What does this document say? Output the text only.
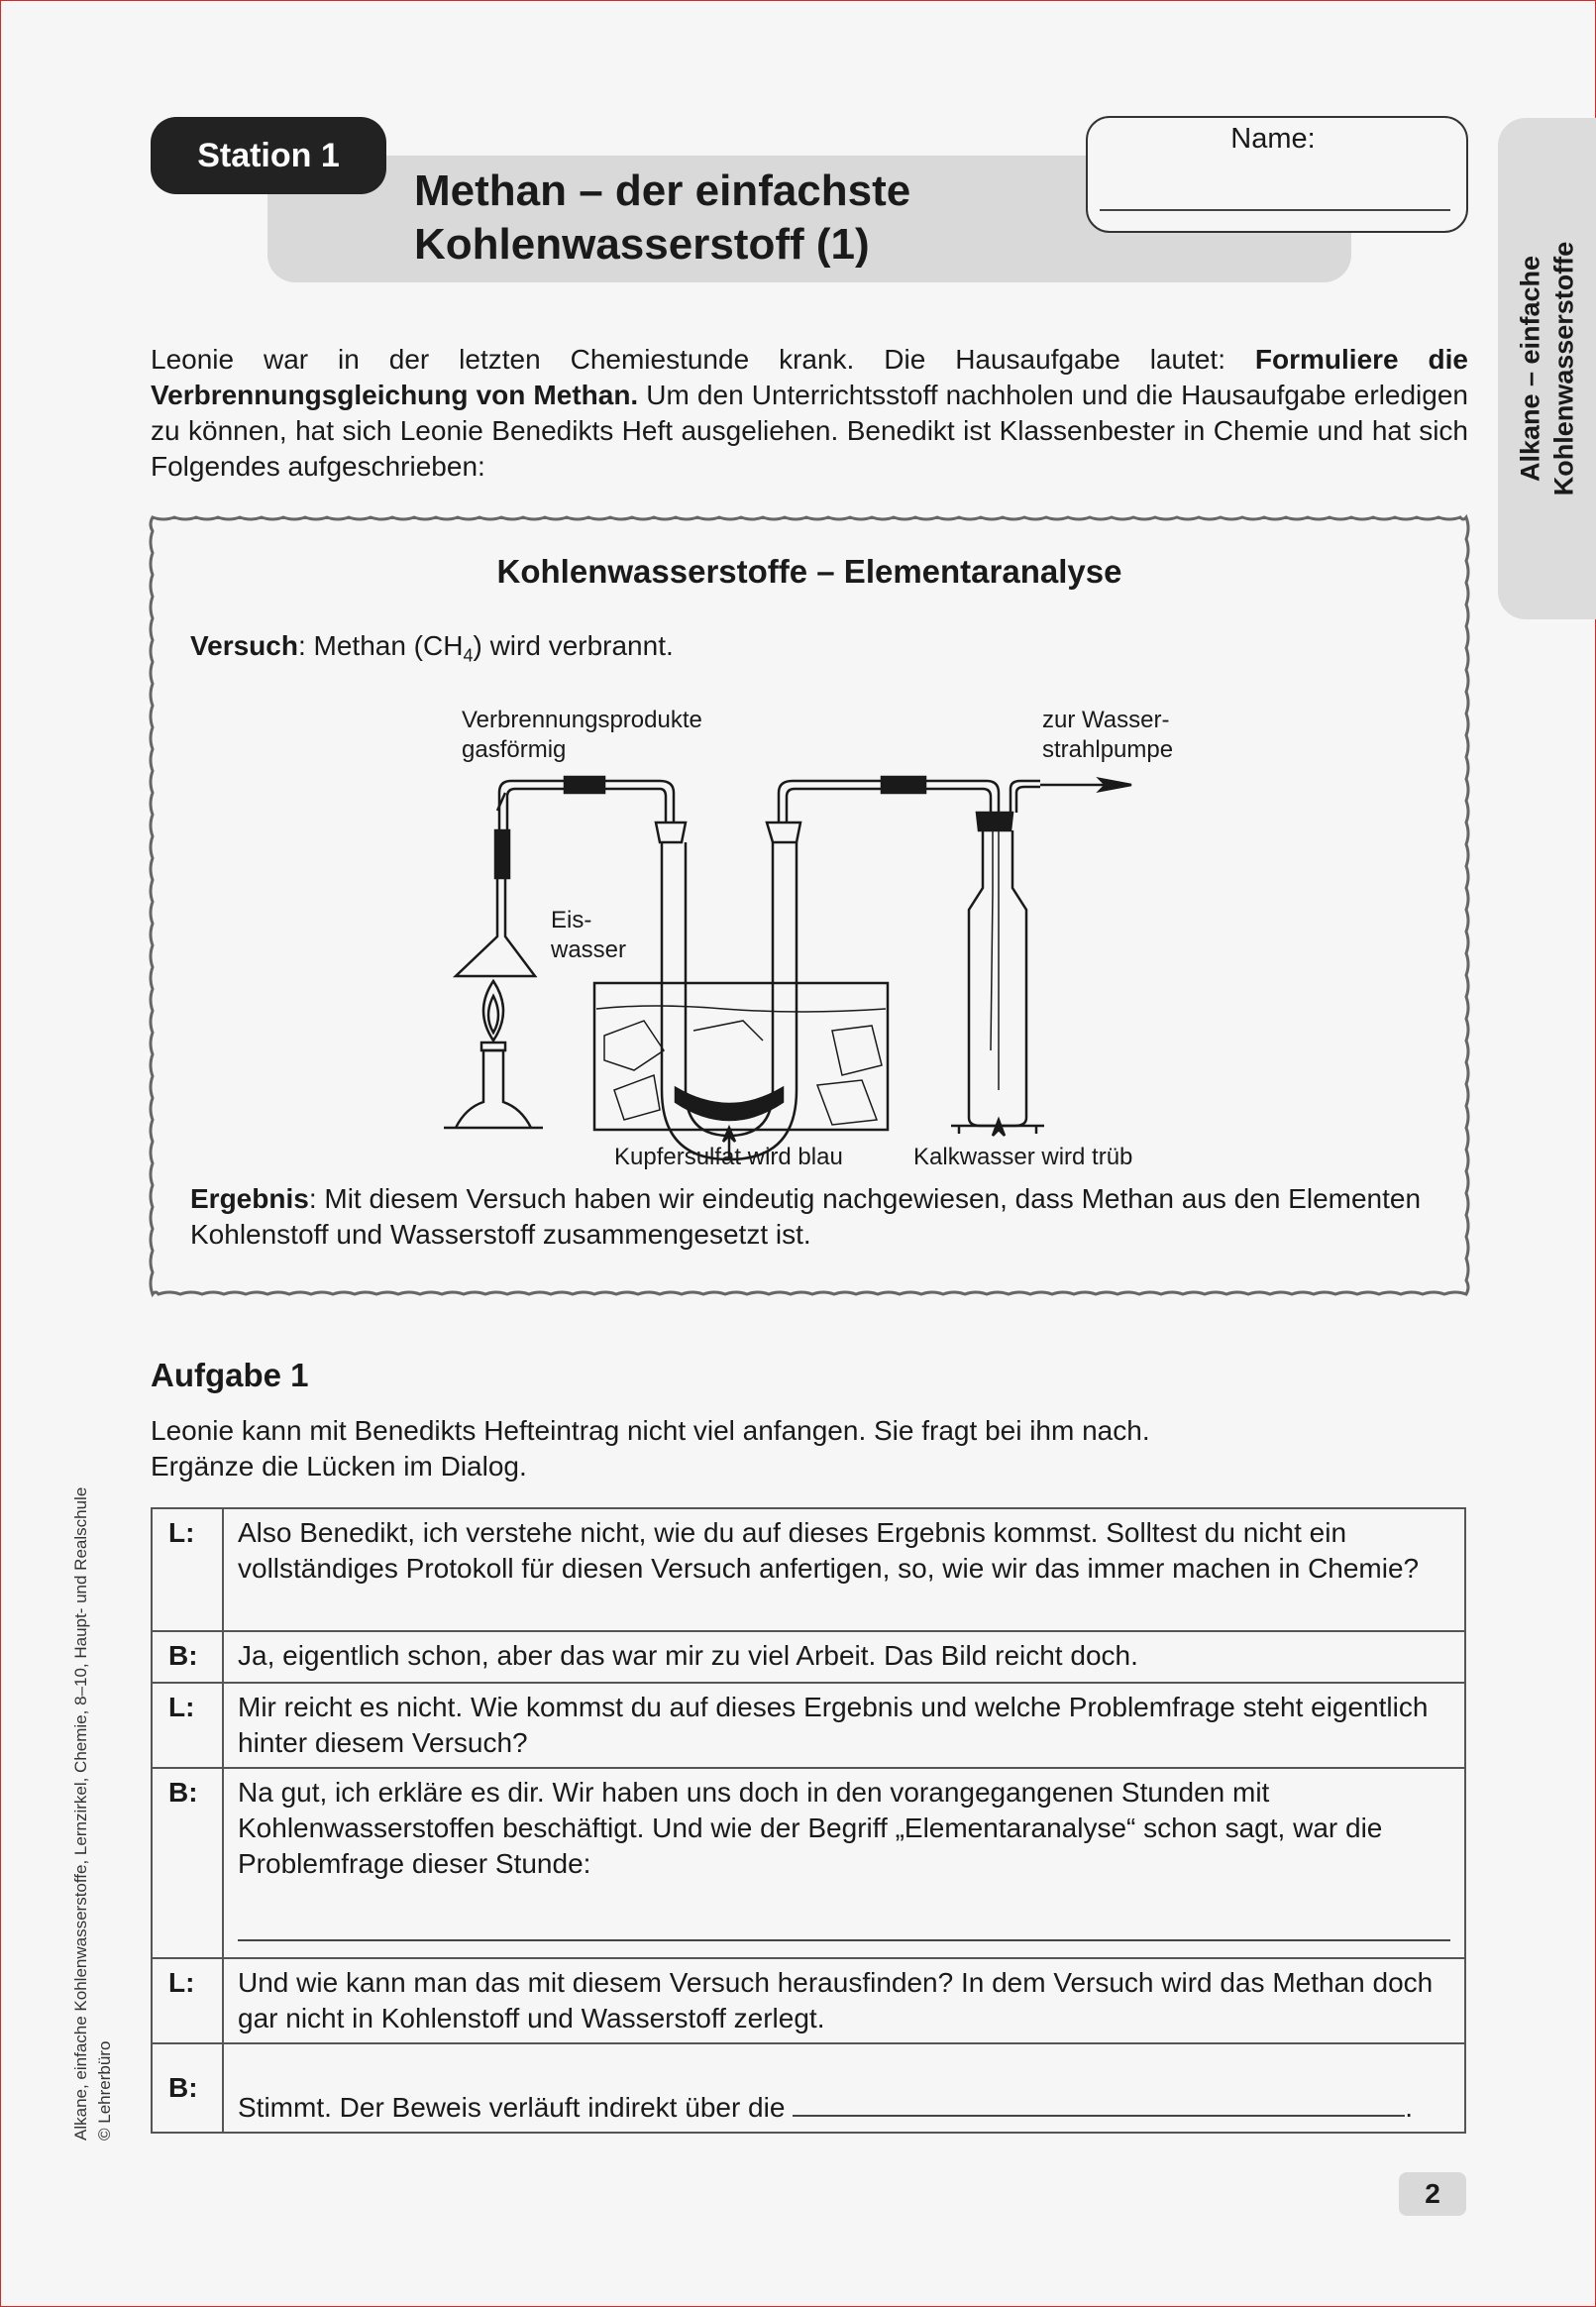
Station 1
Methan – der einfachste
Kohlenwasserstoff (1)
Name:
Alkane – einfache Kohlenwasserstoffe
Leonie war in der letzten Chemiestunde krank. Die Hausaufgabe lautet: Formuliere die Verbrennungsgleichung von Methan. Um den Unterrichtsstoff nachholen und die Hausaufgabe erledigen zu können, hat sich Leonie Benedikts Heft ausgeliehen. Benedikt ist Klassenbester in Chemie und hat sich Folgendes aufgeschrieben:
Kohlenwasserstoffe – Elementaranalyse
Versuch: Methan $(CH_4)$ wird verbrannt.
Verbrennungsprodukte
gasförmig
zur Wasser-
strahlpumpe
Eis-
wasser
Kupfersulfat wird blau	Kalkwasser wird trüb
Ergebnis: Mit diesem Versuch haben wir eindeutig nachgewiesen, dass Methan aus den Elementen Kohlenstoff und Wasserstoff zusammengesetzt ist.
Aufgabe 1
Leonie kann mit Benedikts Hefteintrag nicht viel anfangen. Sie fragt bei ihm nach.
Ergänze die Lücken im Dialog.
L:	Also Benedikt, ich verstehe nicht, wie du auf dieses Ergebnis kommst. Solltest du nicht ein vollständiges Protokoll für diesen Versuch anfertigen, so, wie wir das immer machen in Chemie?
B:	Ja, eigentlich schon, aber das war mir zu viel Arbeit. Das Bild reicht doch.
L:	Mir reicht es nicht. Wie kommst du auf dieses Ergebnis und welche Problemfrage steht eigentlich hinter diesem Versuch?
B:	Na gut, ich erkläre es dir. Wir haben uns doch in den vorangegangenen Stunden mit Kohlenwasserstoffen beschäftigt. Und wie der Begriff „Elementaranalyse“ schon sagt, war die Problemfrage dieser Stunde:

L:	Und wie kann man das mit diesem Versuch herausfinden? In dem Versuch wird das Methan doch gar nicht in Kohlenstoff und Wasserstoff zerlegt.
B:	Stimmt. Der Beweis verläuft indirekt über die .
Alkane, einfache Kohlenwasserstoffe, Lernzirkel, Chemie, 8–10, Haupt- und Realschule © Lehrerbüro
2
